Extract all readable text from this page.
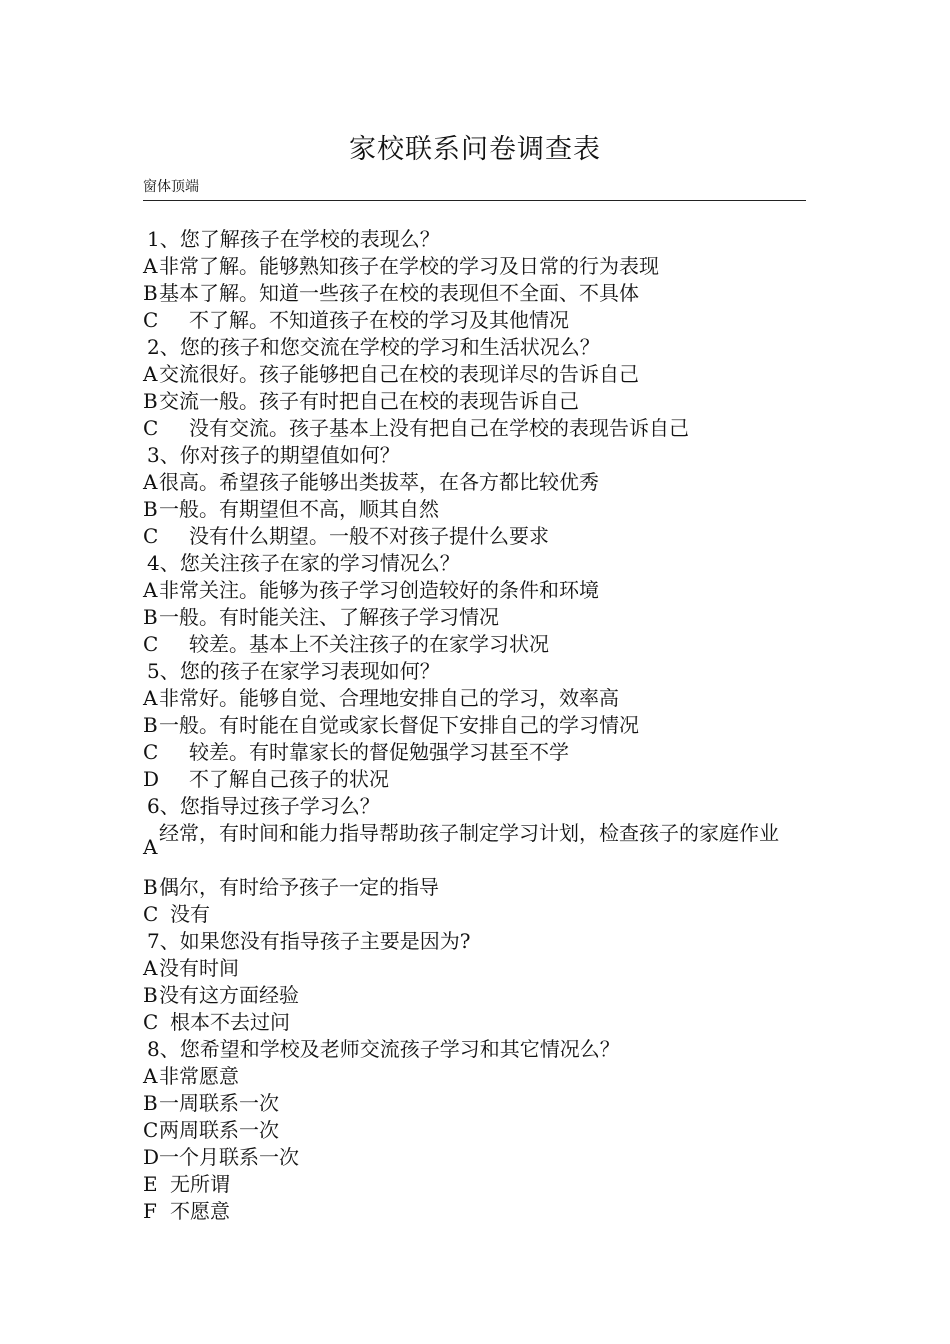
家校联系问卷调查表
窗体顶端
1、您了解孩子在学校的表现么？
A 非常了解。能够熟知孩子在学校的学习及日常的行为表现
B 基本了解。知道一些孩子在校的表现但不全面、不具体
C	不了解。不知道孩子在校的学习及其他情况
2、您的孩子和您交流在学校的学习和生活状况么？
A 交流很好。孩子能够把自己在校的表现详尽的告诉自己
B 交流一般。孩子有时把自己在校的表现告诉自己
C	没有交流。孩子基本上没有把自己在学校的表现告诉自己
3、你对孩子的期望值如何？
A 很高。希望孩子能够出类拔萃，在各方都比较优秀
B 一般。有期望但不高，顺其自然
C	没有什么期望。一般不对孩子提什么要求
4、您关注孩子在家的学习情况么？
A 非常关注。能够为孩子学习创造较好的条件和环境
B 一般。有时能关注、了解孩子学习情况
C	较差。基本上不关注孩子的在家学习状况
5、您的孩子在家学习表现如何？
A 非常好。能够自觉、合理地安排自己的学习，效率高
B 一般。有时能在自觉或家长督促下安排自己的学习情况
C	较差。有时靠家长的督促勉强学习甚至不学
D	不了解自己孩子的状况
6、您指导过孩子学习么？
A
经常，有时间和能力指导帮助孩子制定学习计划，检查孩子的家庭作业
B 偶尔，有时给予孩子一定的指导
C 没有
7、如果您没有指导孩子主要是因为?
A 没有时间
B 没有这方面经验
C 根本不去过问
8、您希望和学校及老师交流孩子学习和其它情况么？
A 非常愿意
B 一周联系一次
C 两周联系一次
D 一个月联系一次
E 无所谓
F 不愿意
